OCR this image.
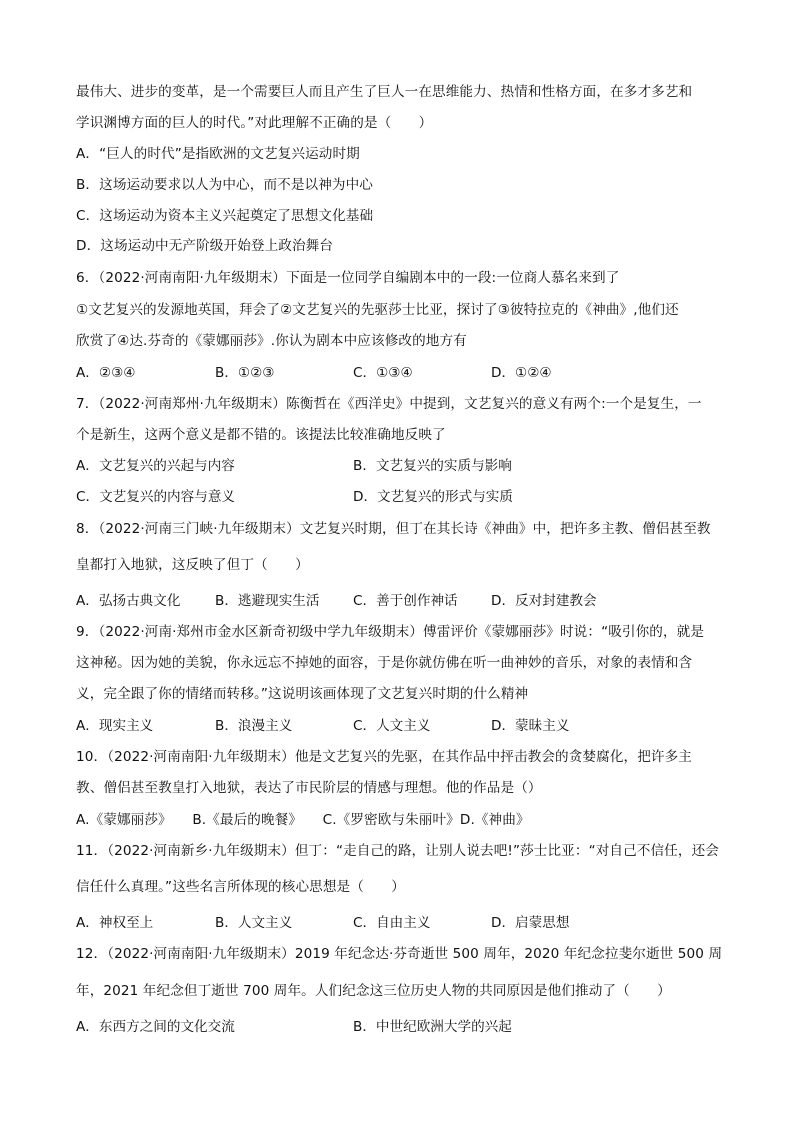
最伟大、进步的变革，是一个需要巨人而且产生了巨人一在思维能力、热情和性格方面，在多才多艺和
学识渊博方面的巨人的时代。”对此理解不正确的是（　　）
A．“巨人的时代”是指欧洲的文艺复兴运动时期
B．这场运动要求以人为中心，而不是以神为中心
C．这场运动为资本主义兴起奠定了思想文化基础
D．这场运动中无产阶级开始登上政治舞台
6．（2022·河南南阳·九年级期末）下面是一位同学自编剧本中的一段:一位商人慕名来到了
①文艺复兴的发源地英国，拜会了②文艺复兴的先驱莎士比亚，探讨了③彼特拉克的《神曲》,他们还
欣赏了④达.芬奇的《蒙娜丽莎》.你认为剧本中应该修改的地方有
A．②③④	B．①②③	C．①③④	D．①②④
7．（2022·河南郑州·九年级期末）陈衡哲在《西洋史》中提到，文艺复兴的意义有两个:一个是复生，一
个是新生，这两个意义是都不错的。该提法比较准确地反映了
A．文艺复兴的兴起与内容	B．文艺复兴的实质与影响
C．文艺复兴的内容与意义	D．文艺复兴的形式与实质
8．（2022·河南三门峡·九年级期末）文艺复兴时期，但丁在其长诗《神曲》中，把许多主教、僧侣甚至教
皇都打入地狱，这反映了但丁（　　）
A．弘扬古典文化	B．逃避现实生活 C．善于创作神话 D．反对封建教会
9．（2022·河南·郑州市金水区新奇初级中学九年级期末）傅雷评价《蒙娜丽莎》时说：“吸引你的，就是
这神秘。因为她的美貌，你永远忘不掉她的面容，于是你就仿佛在听一曲神妙的音乐，对象的表情和含
义，完全跟了你的情绪而转移。”这说明该画体现了文艺复兴时期的什么精神
A．现实主义	B．浪漫主义	C．人文主义	D．蒙昧主义
10．（2022·河南南阳·九年级期末）他是文艺复兴的先驱，在其作品中抨击教会的贪婪腐化，把许多主
教、僧侣甚至教皇打入地狱，表达了市民阶层的情感与理想。他的作品是（）
A.《蒙娜丽莎》　　B.《最后的晚餐》　　C.《罗密欧与朱丽叶》D.《神曲》
11．（2022·河南新乡·九年级期末）但丁：“走自己的路，让别人说去吧!”莎士比亚：“对自己不信任，还会
信任什么真理。”这些名言所体现的核心思想是（　　）
A．神权至上	B．人文主义	C．自由主义	D．启蒙思想
12．（2022·河南南阳·九年级期末）2019 年纪念达·芬奇逝世 500 周年，2020 年纪念拉斐尔逝世 500 周
年，2021 年纪念但丁逝世 700 周年。人们纪念这三位历史人物的共同原因是他们推动了（　　）
A．东西方之间的文化交流	B．中世纪欧洲大学的兴起
